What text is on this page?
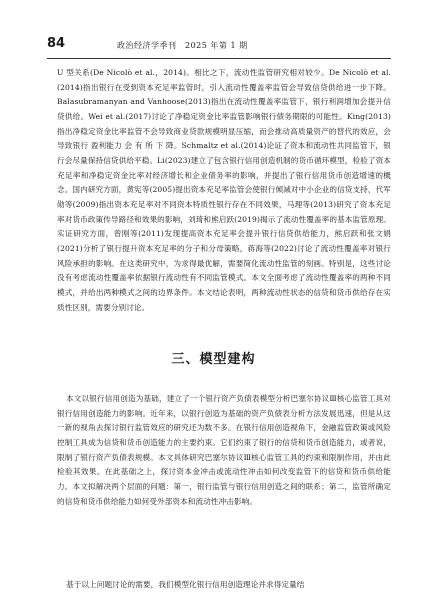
84	政治经济学季刊　2025 年第 1 期

U 型关系(De Nicolò et al.，2014)。相比之下，流动性监管研究相对较少。De Nicolò et al.(2014)指出银行在受到资本充足率监管时，引入流动性覆盖率监管会导致信贷供给进一步下降。Balasubramanyan and Vanhoose(2013)指出在流动性覆盖率监管下，银行利润增加会提升信贷供给。Wei et al.(2017)讨论了净稳定资金比率监管影响银行债务期限的可能性。King(2013)指出净稳定资金比率监管不会导致商业贷款规模明显压缩，而会推动高质量资产的替代的效应，会导致银行 盈利能力 会 有 所 下 降。Schmaltz et al.(2014)论证了资本和流动性共同监管下，银行会尽量保持信贷供给平稳。Li(2023)建立了包含银行信用创造机制的货币循环模型，检验了资本充足率和净稳定资金比率对经济增长和企业债务率的影响，并提出了银行信用货币创造增速的概念。国内研究方面，黄宪等(2005)提出资本充足率监管会使银行倾减对中小企业的信贷支持，代军勋等(2009)指出资本充足率对不同资本特质性银行存在不同效果，马理等(2013)研究了资本充足率对货币政策传导路径和效果的影响，刘琦和熊启跃(2019)揭示了流动性覆盖率的基本监管原理。实证研究方面，曾刚等(2011)发现提高资本充足率会提升银行信贷供给能力，熊启跃和张文娟(2021)分析了银行提升资本充足率的分子和分母策略，蒋海等(2022)讨论了流动性覆盖率对银行风险承担的影响。在这类研究中，为求得最优解，需要简化流动性监管的刻画。特别是，这些讨论没有考虑流动性覆盖率依据银行流动性有不同监管模式。本文全面考虑了流动性覆盖率的两种不同模式，并给出两种模式之间的边界条件。本文结论表明，两种流动性状态的信贷和货币供给存在实质性区别，需要分别讨论。

三、模型建构

本文以银行信用创造为基础，建立了一个银行资产负债表模型分析巴塞尔协议Ⅲ核心监管工具对银行信用创造能力的影响。近年来，以银行创造为基础的资产负债表分析方法发展迅速，但是从这一新的视角去探讨银行监管效应的研究还为数不多。在银行信用创造视角下，金融监管政策或风险控制工具成为信贷和货币创造能力的主要约束。它们约束了银行的信贷和货币创造能力，或者说，限制了银行资产负债表规模。本文具体研究巴塞尔协议Ⅲ核心监管工具的约束和限制作用，并由此检验其效果。在此基础之上，探讨资本金冲击或流动性冲击如何改变监管下的信贷和货币供给能力。本文拟解决两个层面的问题：第一，银行监管与银行信用创造之间的联系；第二，监管所确定的信贷和货币供给能力如何受外部资本和流动性冲击影响。

基于以上问题讨论的需要，我们模型化银行信用创造理论并求得定量结
